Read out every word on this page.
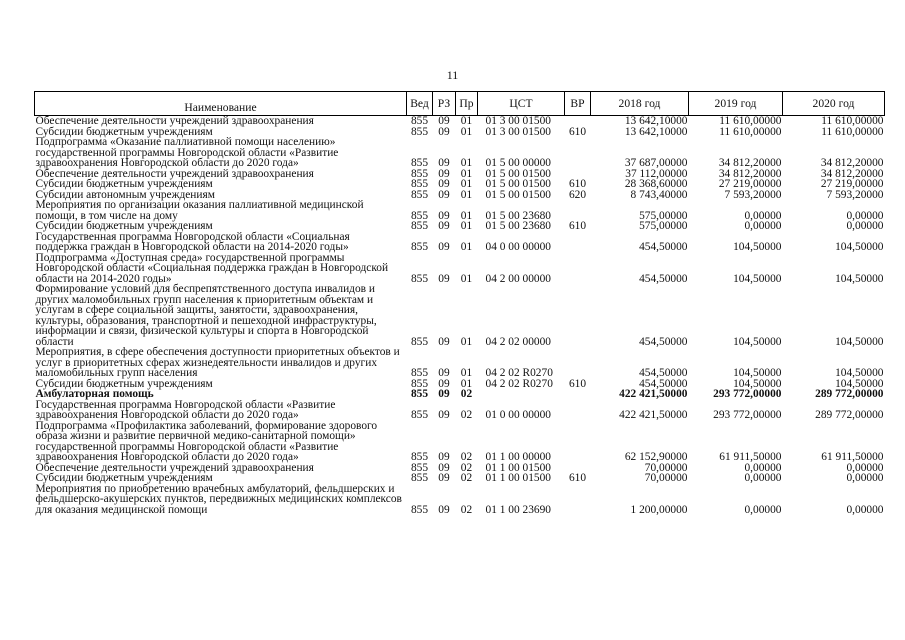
11
Наименование	Вед	РЗ	Пр	ЦСТ	ВР	2018 год	2019 год	2020 год
Обеспечение деятельности учреждений здравоохранения	855	09	01	01 3 00 01500		13 642,10000	11 610,00000	11 610,00000
Субсидии бюджетным учреждениям	855	09	01	01 3 00 01500	610	13 642,10000	11 610,00000	11 610,00000
Подпрограмма «Оказание паллиативной помощи населению» государственной программы Новгородской области «Развитие здравоохранения Новгородской области до 2020 года»	855	09	01	01 5 00 00000		37 687,00000	34 812,20000	34 812,20000
Обеспечение деятельности учреждений здравоохранения	855	09	01	01 5 00 01500		37 112,00000	34 812,20000	34 812,20000
Субсидии бюджетным учреждениям	855	09	01	01 5 00 01500	610	28 368,60000	27 219,00000	27 219,00000
Субсидии автономным учреждениям	855	09	01	01 5 00 01500	620	8 743,40000	7 593,20000	7 593,20000
Мероприятия по организации оказания паллиативной медицинской помощи, в том числе на дому	855	09	01	01 5 00 23680		575,00000	0,00000	0,00000
Субсидии бюджетным учреждениям	855	09	01	01 5 00 23680	610	575,00000	0,00000	0,00000
Государственная программа Новгородской области «Социальная поддержка граждан в Новгородской области на 2014-2020 годы»	855	09	01	04 0 00 00000		454,50000	104,50000	104,50000
Подпрограмма «Доступная среда» государственной программы Новгородской области «Социальная поддержка граждан в Новгородской области на 2014-2020 годы»	855	09	01	04 2 00 00000		454,50000	104,50000	104,50000
Формирование условий для беспрепятственного доступа инвалидов и других маломобильных групп населения к приоритетным объектам и услугам в сфере социальной защиты, занятости, здравоохранения, культуры, образования, транспортной и пешеходной инфраструктуры, информации и связи, физической культуры и спорта в Новгородской области	855	09	01	04 2 02 00000		454,50000	104,50000	104,50000
Мероприятия, в сфере обеспечения доступности приоритетных объектов и услуг в приоритетных сферах жизнедеятельности инвалидов и других маломобильных групп населения	855	09	01	04 2 02 R0270		454,50000	104,50000	104,50000
Субсидии бюджетным учреждениям	855	09	01	04 2 02 R0270	610	454,50000	104,50000	104,50000
Амбулаторная помощь	855	09	02			422 421,50000	293 772,00000	289 772,00000
Государственная программа Новгородской области «Развитие здравоохранения Новгородской области до 2020 года»	855	09	02	01 0 00 00000		422 421,50000	293 772,00000	289 772,00000
Подпрограмма «Профилактика заболеваний, формирование здорового образа жизни и развитие первичной медико-санитарной помощи» государственной программы Новгородской области «Развитие здравоохранения Новгородской области до 2020 года»	855	09	02	01 1 00 00000		62 152,90000	61 911,50000	61 911,50000
Обеспечение деятельности учреждений здравоохранения	855	09	02	01 1 00 01500		70,00000	0,00000	0,00000
Субсидии бюджетным учреждениям	855	09	02	01 1 00 01500	610	70,00000	0,00000	0,00000
Мероприятия по приобретению врачебных амбулаторий, фельдшерских и фельдшерско-акушерских пунктов, передвижных медицинских комплексов для оказания медицинской помощи	855	09	02	01 1 00 23690		1 200,00000	0,00000	0,00000
